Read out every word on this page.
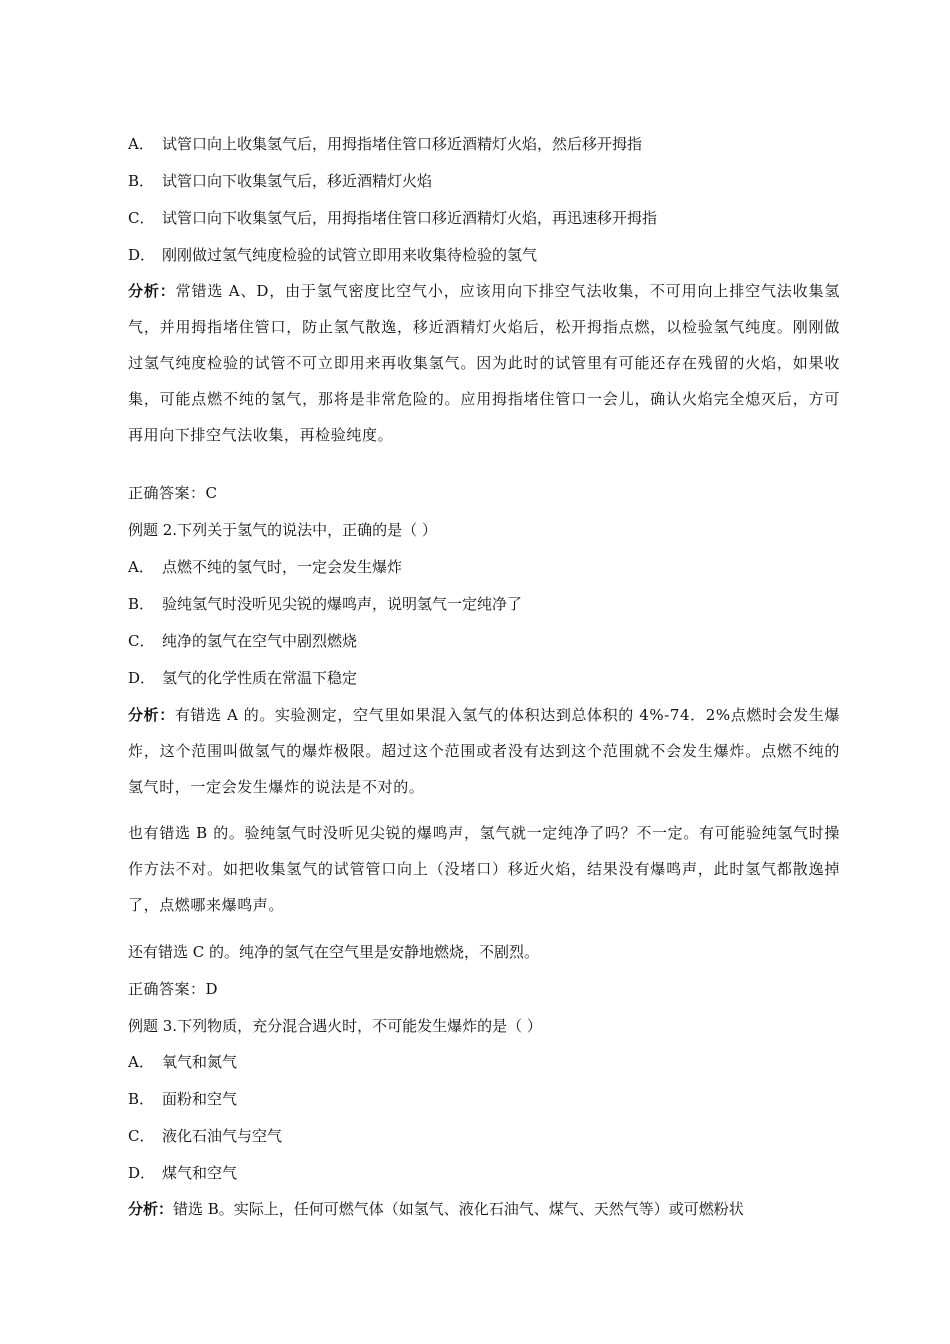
A． 试管口向上收集氢气后，用拇指堵住管口移近酒精灯火焰，然后移开拇指
B． 试管口向下收集氢气后，移近酒精灯火焰
C． 试管口向下收集氢气后，用拇指堵住管口移近酒精灯火焰，再迅速移开拇指
D． 刚刚做过氢气纯度检验的试管立即用来收集待检验的氢气
分析：常错选 A、D，由于氢气密度比空气小，应该用向下排空气法收集，不可用向上排空气法收集氢气，并用拇指堵住管口，防止氢气散逸，移近酒精灯火焰后，松开拇指点燃，以检验氢气纯度。刚刚做过氢气纯度检验的试管不可立即用来再收集氢气。因为此时的试管里有可能还存在残留的火焰，如果收集，可能点燃不纯的氢气，那将是非常危险的。应用拇指堵住管口一会儿，确认火焰完全熄灭后，方可再用向下排空气法收集，再检验纯度。
正确答案：C
例题 2.下列关于氢气的说法中，正确的是（ ）
A． 点燃不纯的氢气时，一定会发生爆炸
B． 验纯氢气时没听见尖锐的爆鸣声，说明氢气一定纯净了
C． 纯净的氢气在空气中剧烈燃烧
D． 氢气的化学性质在常温下稳定
分析：有错选 A 的。实验测定，空气里如果混入氢气的体积达到总体积的 4%-74．2%点燃时会发生爆炸，这个范围叫做氢气的爆炸极限。超过这个范围或者没有达到这个范围就不会发生爆炸。点燃不纯的氢气时，一定会发生爆炸的说法是不对的。
也有错选 B 的。验纯氢气时没听见尖锐的爆鸣声，氢气就一定纯净了吗？不一定。有可能验纯氢气时操作方法不对。如把收集氢气的试管管口向上（没堵口）移近火焰，结果没有爆鸣声，此时氢气都散逸掉了，点燃哪来爆鸣声。
还有错选 C 的。纯净的氢气在空气里是安静地燃烧，不剧烈。
正确答案：D
例题 3.下列物质，充分混合遇火时，不可能发生爆炸的是（ ）
A． 氧气和氮气
B． 面粉和空气
C． 液化石油气与空气
D． 煤气和空气
分析：错选 B。实际上，任何可燃气体（如氢气、液化石油气、煤气、天然气等）或可燃粉状
